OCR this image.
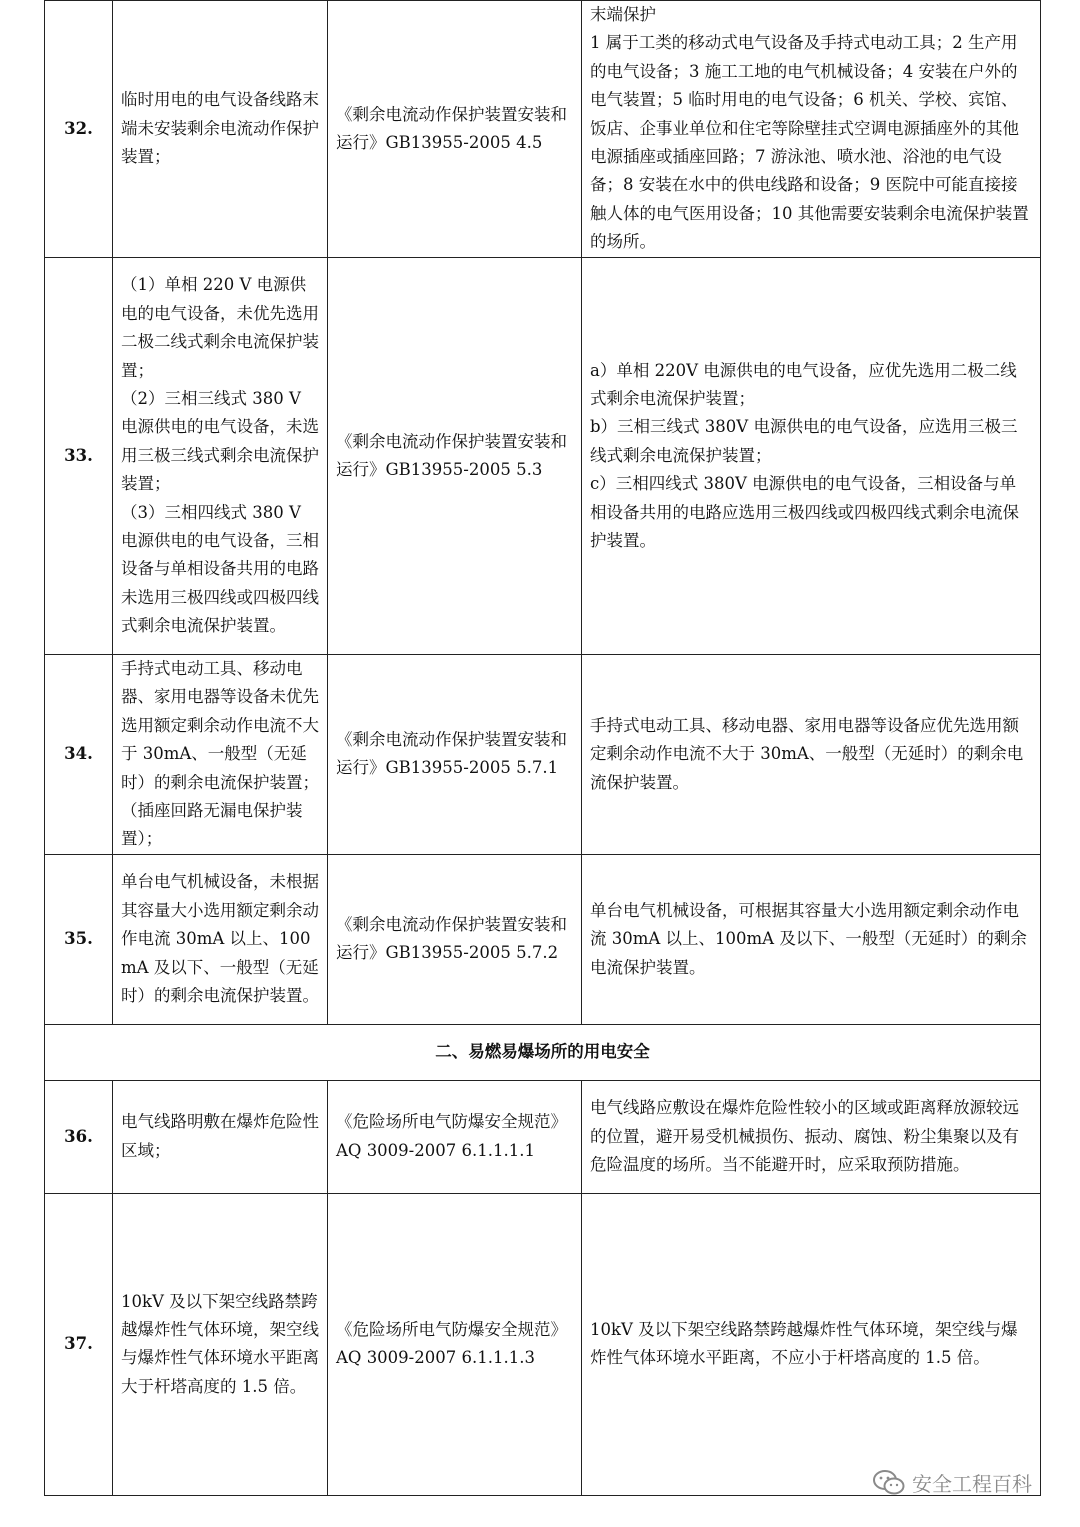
32.	临时用电的电气设备线路末端未安装剩余电流动作保护装置；	《剩余电流动作保护装置安装和运行》GB13955-2005 4.5	末端保护
1 属于工类的移动式电气设备及手持式电动工具；2 生产用的电气设备；3 施工工地的电气机械设备；4 安装在户外的电气装置；5 临时用电的电气设备；6 机关、学校、宾馆、饭店、企事业单位和住宅等除壁挂式空调电源插座外的其他电源插座或插座回路；7 游泳池、喷水池、浴池的电气设备；8 安装在水中的供电线路和设备；9 医院中可能直接接触人体的电气医用设备；10 其他需要安装剩余电流保护装置的场所。

33.	（1）单相 220 V 电源供电的电气设备，未优先选用二极二线式剩余电流保护装置；
（2）三相三线式 380 V 电源供电的电气设备，未选用三极三线式剩余电流保护装置；
（3）三相四线式 380 V 电源供电的电气设备，三相设备与单相设备共用的电路未选用三极四线或四极四线式剩余电流保护装置。	《剩余电流动作保护装置安装和运行》GB13955-2005 5.3	a）单相 220V 电源供电的电气设备，应优先选用二极二线式剩余电流保护装置；
b）三相三线式 380V 电源供电的电气设备，应选用三极三线式剩余电流保护装置；
c）三相四线式 380V 电源供电的电气设备，三相设备与单相设备共用的电路应选用三极四线或四极四线式剩余电流保护装置。
34.	手持式电动工具、移动电器、家用电器等设备未优先选用额定剩余动作电流不大于 30mA、一般型（无延时）的剩余电流保护装置；（插座回路无漏电保护装置）；	《剩余电流动作保护装置安装和运行》GB13955-2005 5.7.1	手持式电动工具、移动电器、家用电器等设备应优先选用额定剩余动作电流不大于 30mA、一般型（无延时）的剩余电流保护装置。
35.	单台电气机械设备，未根据其容量大小选用额定剩余动作电流 30mA 以上、100mA 及以下、一般型（无延时）的剩余电流保护装置。	《剩余电流动作保护装置安装和运行》GB13955-2005 5.7.2	单台电气机械设备，可根据其容量大小选用额定剩余动作电流 30mA 以上、100mA 及以下、一般型（无延时）的剩余电流保护装置。
二、易燃易爆场所的用电安全			
36.	电气线路明敷在爆炸危险性区域；	《危险场所电气防爆安全规范》AQ 3009-2007 6.1.1.1.1	电气线路应敷设在爆炸危险性较小的区域或距离释放源较远的位置，避开易受机械损伤、振动、腐蚀、粉尘集聚以及有危险温度的场所。当不能避开时，应采取预防措施。
37.	10kV 及以下架空线路禁跨越爆炸性气体环境，架空线与爆炸性气体环境水平距离大于杆塔高度的 1.5 倍。	《危险场所电气防爆安全规范》AQ 3009-2007 6.1.1.1.3	10kV 及以下架空线路禁跨越爆炸性气体环境，架空线与爆炸性气体环境水平距离，不应小于杆塔高度的 1.5 倍。
安全工程百科
